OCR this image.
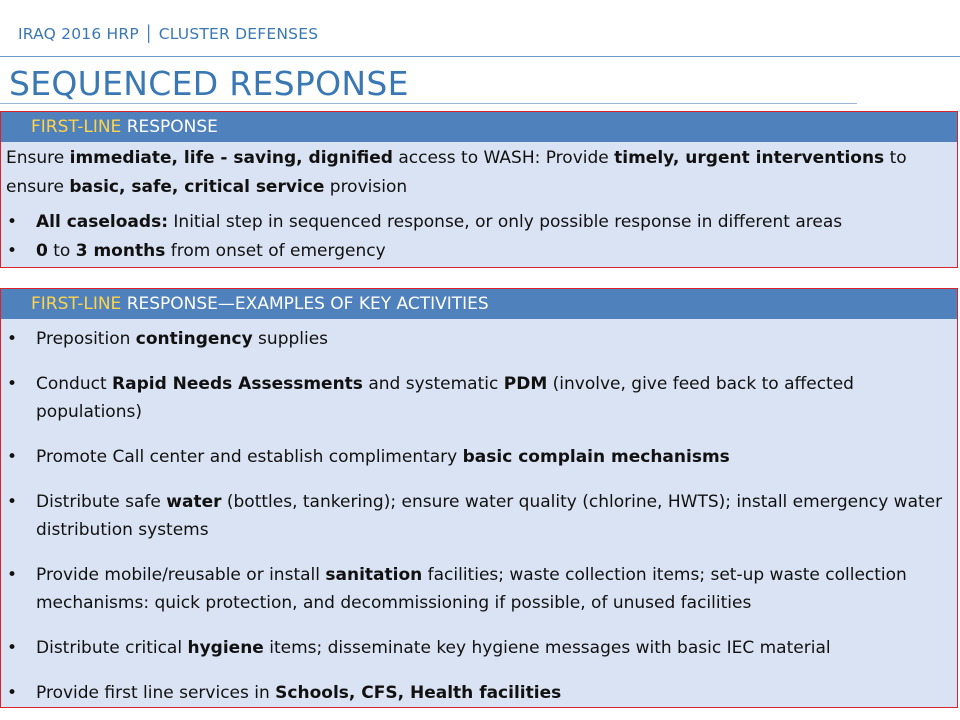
IRAQ 2016 HRP │ CLUSTER DEFENSES
SEQUENCED RESPONSE
FIRST-LINE RESPONSE
Ensure immediate, life - saving, dignified access to WASH: Provide timely, urgent interventions to ensure basic, safe, critical service provision
• All caseloads: Initial step in sequenced response, or only possible response in different areas
• 0 to 3 months from onset of emergency
FIRST-LINE RESPONSE—EXAMPLES OF KEY ACTIVITIES
• Preposition contingency supplies
• Conduct Rapid Needs Assessments and systematic PDM (involve, give feed back to affected populations)
• Promote Call center and establish complimentary basic complain mechanisms
• Distribute safe water (bottles, tankering); ensure water quality (chlorine, HWTS); install emergency water distribution systems
• Provide mobile/reusable or install sanitation facilities; waste collection items; set-up waste collection mechanisms: quick protection, and decommissioning if possible, of unused facilities
• Distribute critical hygiene items; disseminate key hygiene messages with basic IEC material
• Provide first line services in Schools, CFS, Health facilities
